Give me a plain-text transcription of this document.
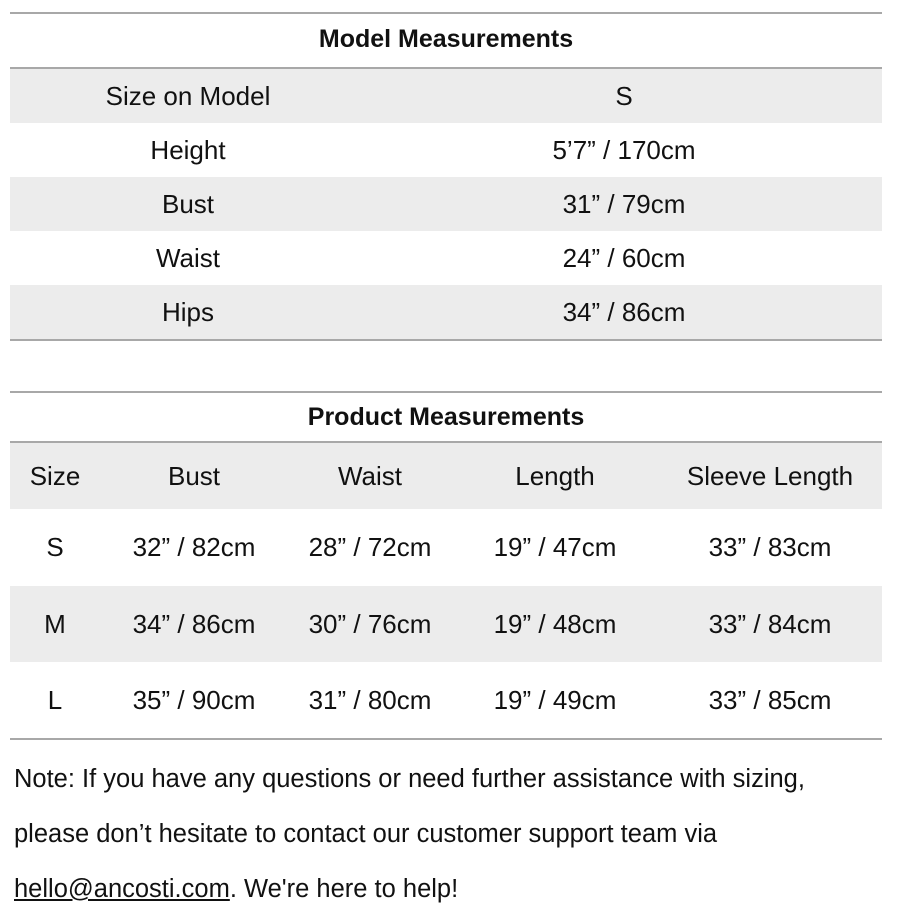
Model Measurements
Size on Model	S
Height	5’7” / 170cm
Bust	31” / 79cm
Waist	24” / 60cm
Hips	34” / 86cm
Product Measurements
Size	Bust	Waist	Length	Sleeve Length
S	32” / 82cm	28” / 72cm	19” / 47cm	33” / 83cm
M	34” / 86cm	30” / 76cm	19” / 48cm	33” / 84cm
L	35” / 90cm	31” / 80cm	19” / 49cm	33” / 85cm
Note: If you have any questions or need further assistance with sizing, please don’t hesitate to contact our customer support team via hello@ancosti.com. We're here to help!
